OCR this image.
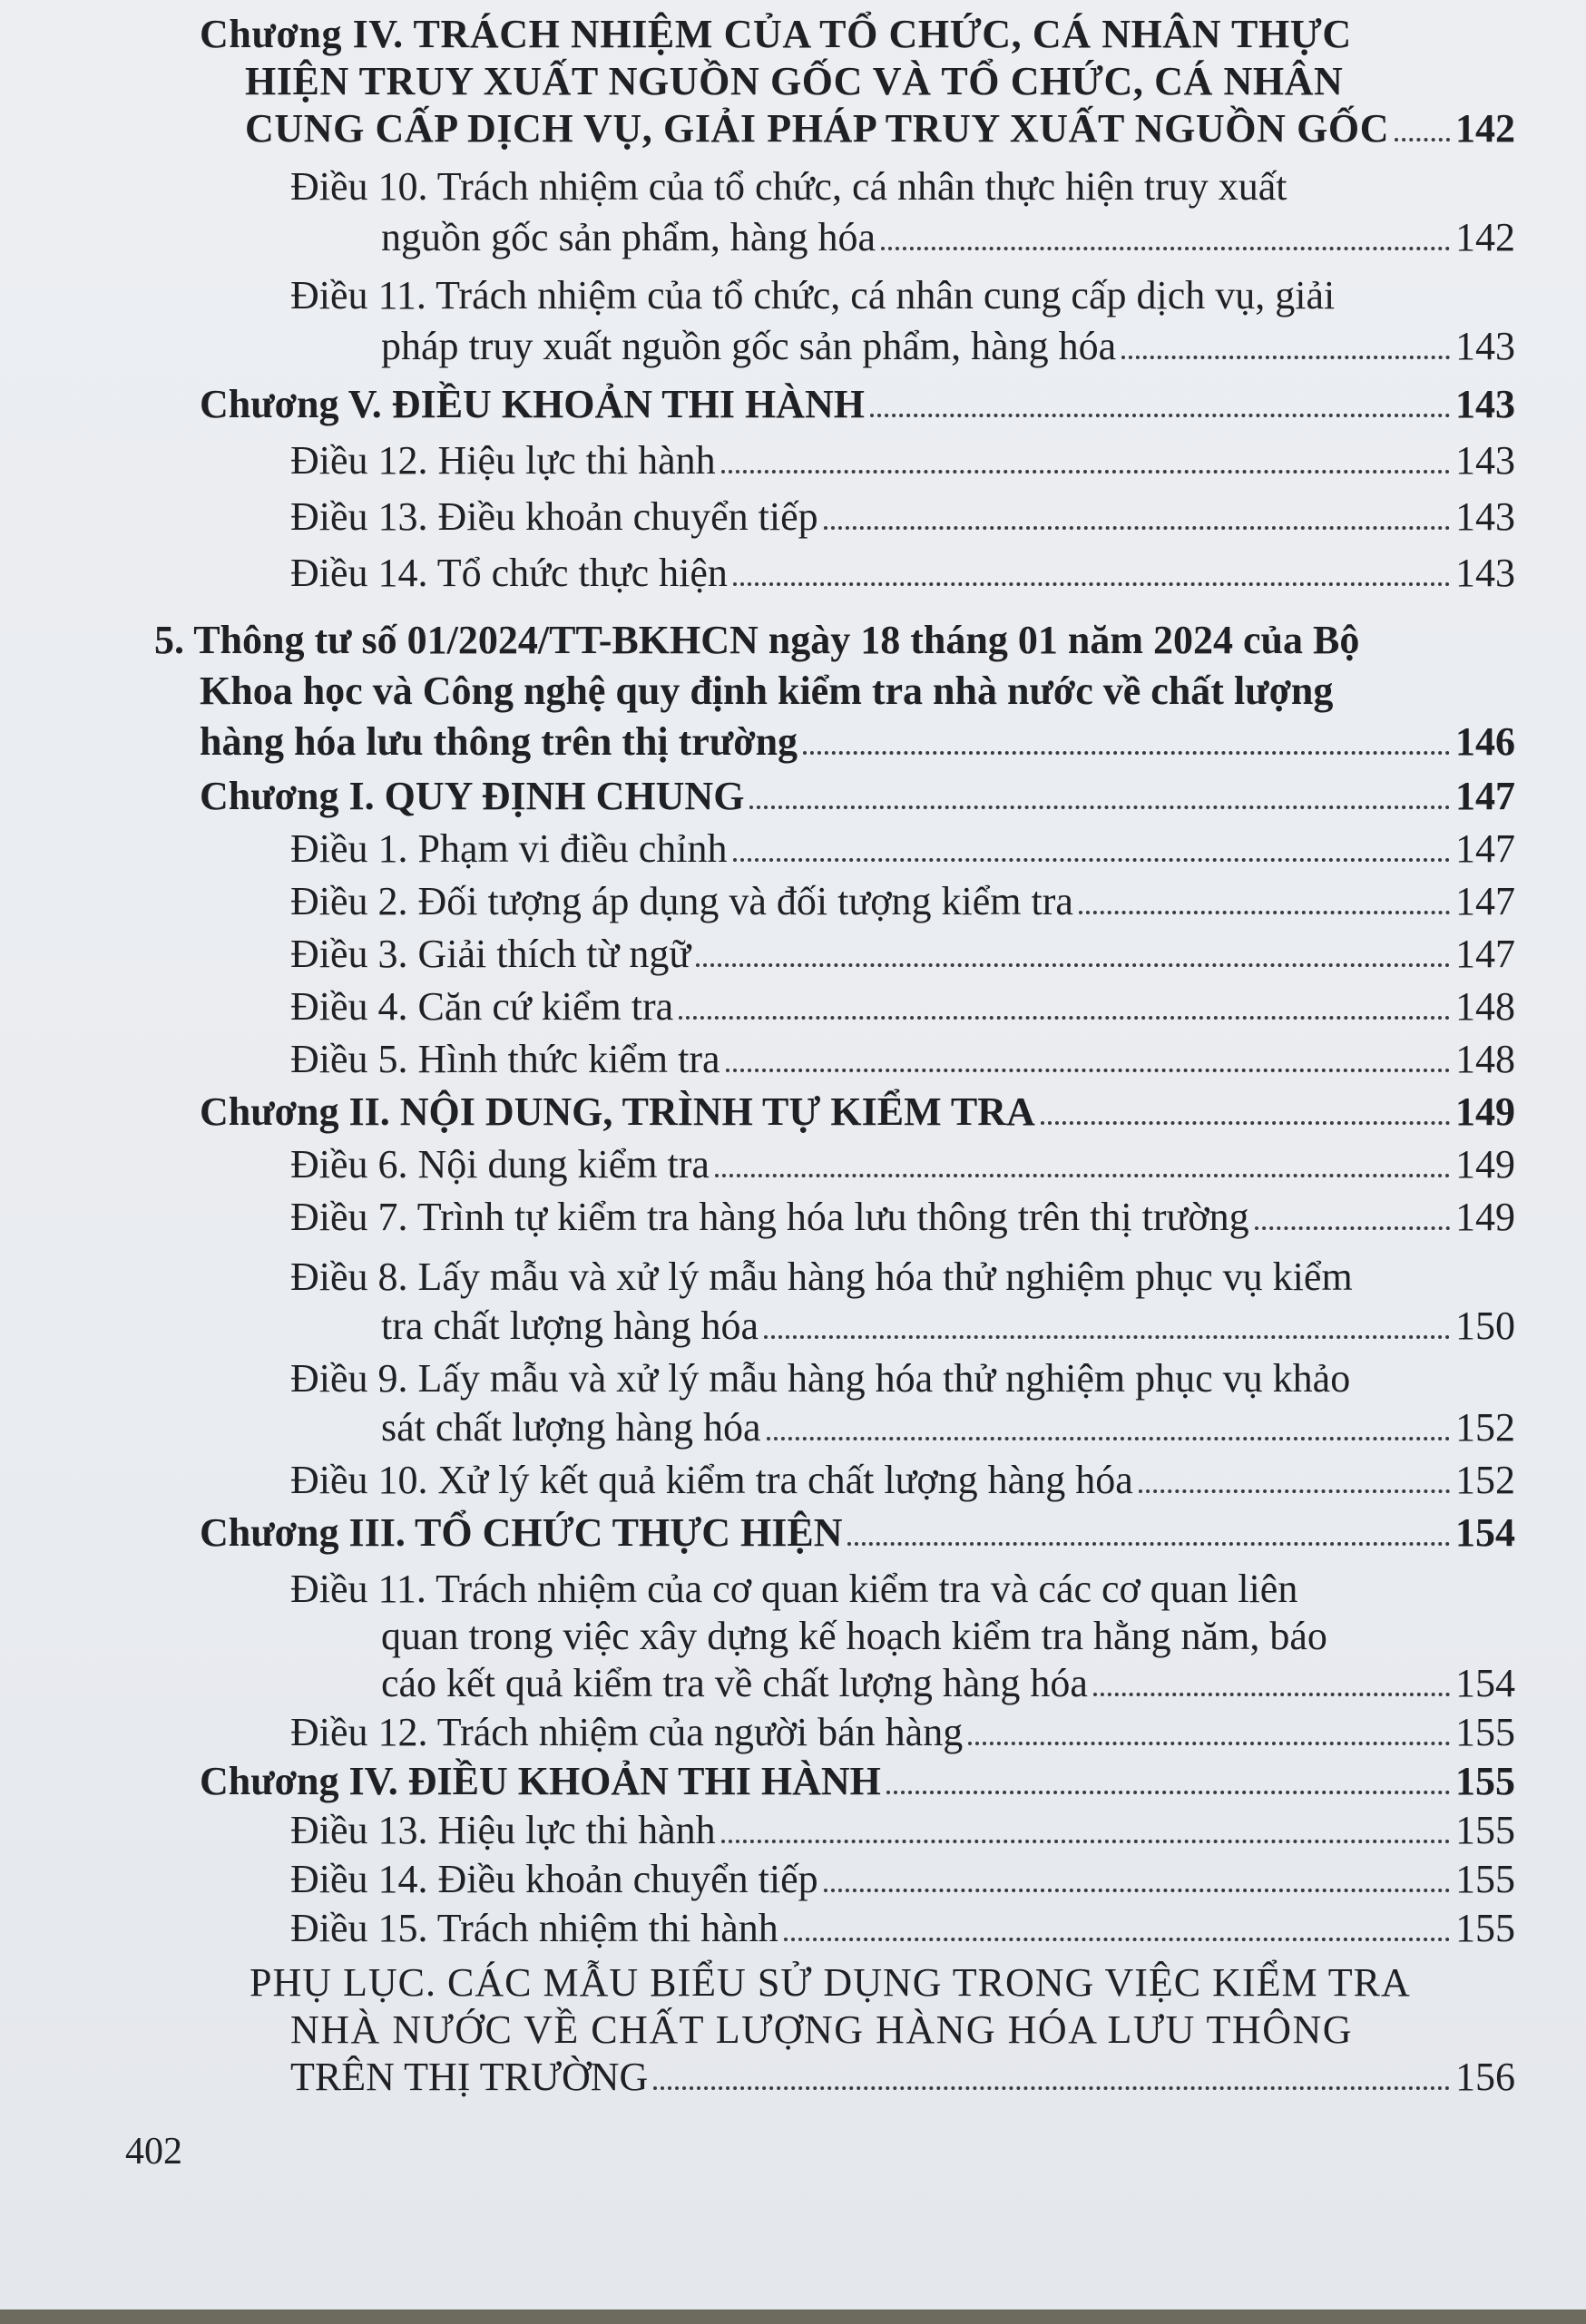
Chương IV. TRÁCH NHIỆM CỦA TỔ CHỨC, CÁ NHÂN THỰC
HIỆN TRUY XUẤT NGUỒN GỐC VÀ TỔ CHỨC, CÁ NHÂN
CUNG CẤP DỊCH VỤ, GIẢI PHÁP TRUY XUẤT NGUỒN GỐC 142
Điều 10. Trách nhiệm của tổ chức, cá nhân thực hiện truy xuất
nguồn gốc sản phẩm, hàng hóa	142
Điều 11. Trách nhiệm của tổ chức, cá nhân cung cấp dịch vụ, giải
pháp truy xuất nguồn gốc sản phẩm, hàng hóa	143
Chương V. ĐIỀU KHOẢN THI HÀNH	143
Điều 12. Hiệu lực thi hành	143
Điều 13. Điều khoản chuyển tiếp	143
Điều 14. Tổ chức thực hiện	143
5. Thông tư số 01/2024/TT-BKHCN ngày 18 tháng 01 năm 2024 của Bộ
Khoa học và Công nghệ quy định kiểm tra nhà nước về chất lượng
hàng hóa lưu thông trên thị trường	146
Chương I. QUY ĐỊNH CHUNG	147
Điều 1. Phạm vi điều chỉnh	147
Điều 2. Đối tượng áp dụng và đối tượng kiểm tra	147
Điều 3. Giải thích từ ngữ	147
Điều 4. Căn cứ kiểm tra	148
Điều 5. Hình thức kiểm tra	148
Chương II. NỘI DUNG, TRÌNH TỰ KIỂM TRA	149
Điều 6. Nội dung kiểm tra	149
Điều 7. Trình tự kiểm tra hàng hóa lưu thông trên thị trường	149
Điều 8. Lấy mẫu và xử lý mẫu hàng hóa thử nghiệm phục vụ kiểm
tra chất lượng hàng hóa	150
Điều 9. Lấy mẫu và xử lý mẫu hàng hóa thử nghiệm phục vụ khảo
sát chất lượng hàng hóa	152
Điều 10. Xử lý kết quả kiểm tra chất lượng hàng hóa	152
Chương III. TỔ CHỨC THỰC HIỆN	154
Điều 11. Trách nhiệm của cơ quan kiểm tra và các cơ quan liên
quan trong việc xây dựng kế hoạch kiểm tra hằng năm, báo
cáo kết quả kiểm tra về chất lượng hàng hóa	154
Điều 12. Trách nhiệm của người bán hàng	155
Chương IV. ĐIỀU KHOẢN THI HÀNH	155
Điều 13. Hiệu lực thi hành	155
Điều 14. Điều khoản chuyển tiếp	155
Điều 15. Trách nhiệm thi hành	155
PHỤ LỤC. CÁC MẪU BIỂU SỬ DỤNG TRONG VIỆC KIỂM TRA
NHÀ NƯỚC VỀ CHẤT LƯỢNG HÀNG HÓA LƯU THÔNG
TRÊN THỊ TRƯỜNG	156
402
